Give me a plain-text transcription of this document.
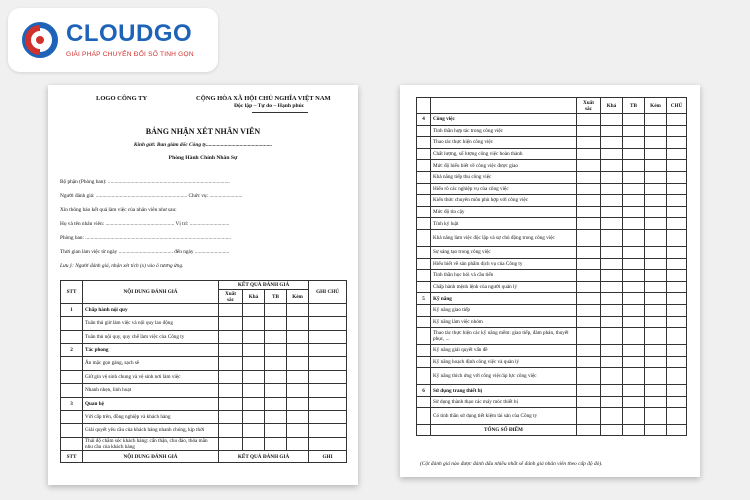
CLOUDGO
GIẢI PHÁP CHUYỂN ĐỔI SỐ TINH GỌN
LOGO CÔNG TY	CỘNG HÒA XÃ HỘI CHỦ NGHĨA VIỆT NAM
Độc lập – Tự do – Hạnh phúc
BẢNG NHẬN XÉT NHÂN VIÊN
Kính gửi: Ban giám đốc Công ty.................................................
Phòng Hành Chính Nhân Sự
Bộ phận (Phòng ban): ............................................................................................
Người đánh giá: ..................................................................... Chức vụ: .........................
Xin thông báo kết quả làm việc của nhân viên như sau:
Họ và tên nhân viên: .................................................... Vị trí: ..............................
Phòng ban: ..............................................................................................................
Thời gian làm việc từ ngày ......................................... đến ngày ..........................
Lưu ý: Người đánh giá, nhận xét tích (x) vào ô tương ứng.
STT	NỘI DUNG ĐÁNH GIÁ	KẾT QUẢ ĐÁNH GIÁ				GHI CHÚ
		Xuất sắc	Khá	TB	Kém	
1	Chấp hành nội quy					
	Tuân thủ giờ làm việc và nội quy lao động					
	Tuân thủ nội quy, quy chế làm việc của Công ty					
2	Tác phong					
	Ăn mặc gọn gàng, sạch sẽ					
	Giữ gìn vệ sinh chung và vệ sinh nơi làm việc					
	Nhanh nhẹn, linh hoạt					
3	Quan hệ					
	Với cấp trên, đồng nghiệp và khách hàng					
	Giải quyết yêu cầu của khách hàng nhanh chóng, kịp thời					
	Thái độ chăm sóc khách hàng: cẩn thận, chu đáo, thỏa mãn nhu cầu của khách hàng					
STT	NỘI DUNG ĐÁNH GIÁ	KẾT QUẢ ĐÁNH GIÁ				GHI
		Xuất sắc	Khá	TB	Kém	CHÚ
4	Công việc					
	Tinh thần hợp tác trong công việc					
	Thao tác thực hiện công việc					
	Chất lượng, số lượng công việc hoàn thành					
	Mức độ hiểu biết về công việc được giao					
	Khả năng tiếp thu công việc					
	Hiểu rõ các nghiệp vụ của công việc					
	Kiến thức chuyên môn phù hợp với công việc					
	Mức độ tin cậy					
	Tính kỷ luật					
	Khả năng làm việc độc lập và sự chủ động trong công việc					
	Sự sáng tạo trong công việc					
	Hiểu biết về sản phẩm dịch vụ của Công ty					
	Tinh thần học hỏi và cầu tiến					
	Chấp hành mệnh lệnh của người quản lý					
5	Kỹ năng					
	Kỹ năng giao tiếp					
	Kỹ năng làm việc nhóm					
	Thao tác thực hiện các kỹ năng mềm: giao tiếp, đàm phán, thuyết phục, ...					
	Kỹ năng giải quyết vấn đề					
	Kỹ năng hoạch định công việc và quản lý					
	Kỹ năng thích ứng với công việc/áp lực công việc					
6	Sử dụng trang thiết bị					
	Sử dụng thành thạo các máy móc thiết bị					
	Có tinh thần sử dụng tiết kiệm tài sản của Công ty					
	TỔNG SỐ ĐIỂM					
(Cột đánh giá nào được đánh dấu nhiều nhất sẽ đánh giá nhân viên theo cấp độ đó).
